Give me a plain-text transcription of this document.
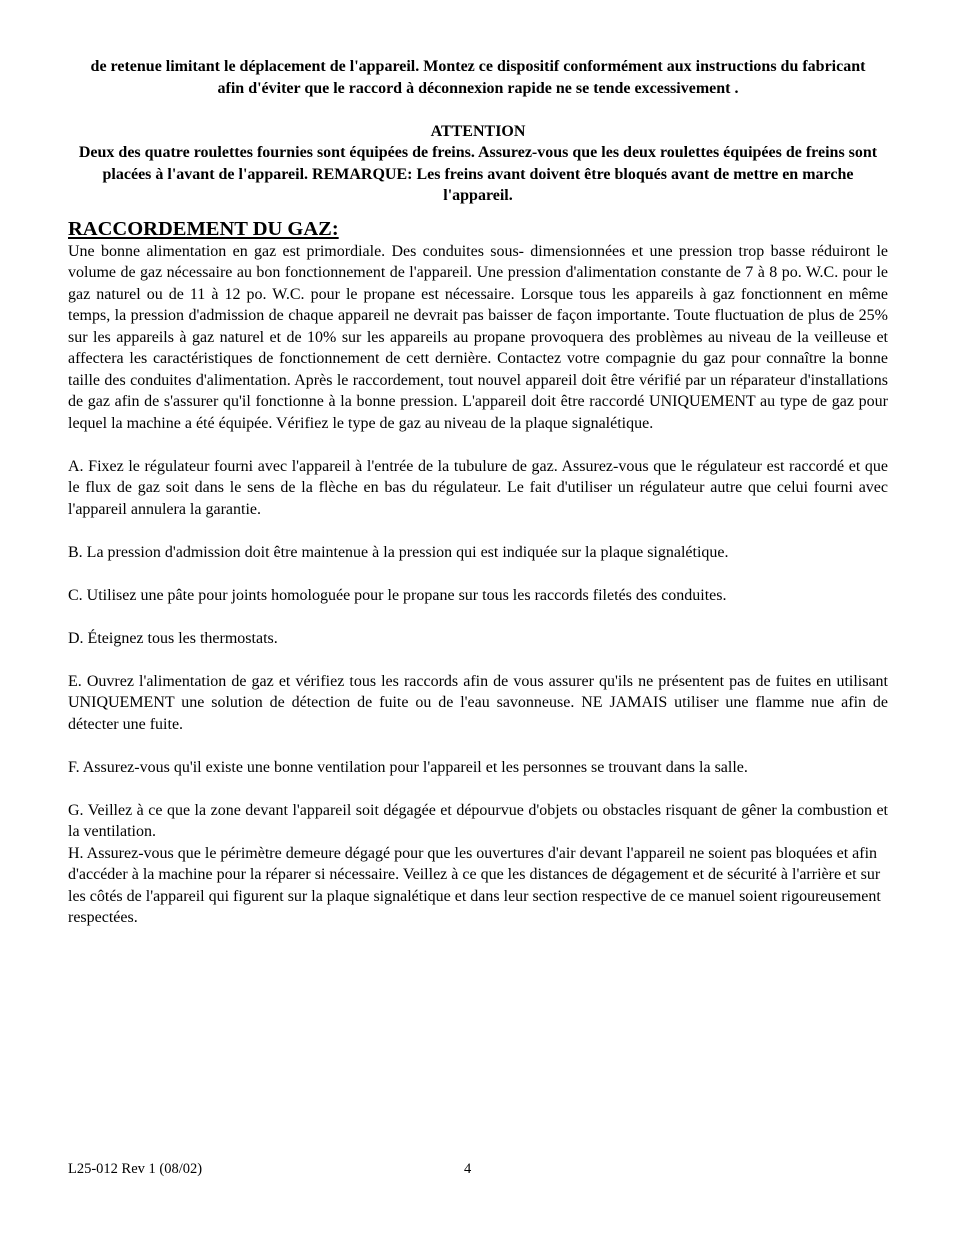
de retenue limitant le déplacement de l'appareil. Montez ce dispositif conformément aux instructions du fabricant

afin d'éviter que le raccord à déconnexion rapide ne se tende excessivement .

ATTENTION

Deux des quatre roulettes fournies sont équipées de freins. Assurez-vous que les deux roulettes équipées de freins sont placées à l'avant de l'appareil. REMARQUE: Les freins avant doivent être bloqués avant de mettre en marche l'appareil.

RACCORDEMENT DU GAZ:

Une bonne alimentation en gaz est primordiale. Des conduites sous- dimensionnées et une pression trop basse réduiront le volume de gaz nécessaire au bon fonctionnement de l'appareil. Une pression d'alimentation constante de 7 à 8 po. W.C. pour le gaz naturel ou de 11 à 12 po. W.C. pour le propane est nécessaire. Lorsque tous les appareils à gaz fonctionnent en même temps, la pression d'admission de chaque appareil ne devrait pas baisser de façon importante. Toute fluctuation de plus de 25% sur les appareils à gaz naturel et de 10% sur les appareils au propane provoquera des problèmes au niveau de la veilleuse et affectera les caractéristiques de fonctionnement de cett dernière. Contactez votre compagnie du gaz pour connaître la bonne taille des conduites d'alimentation. Après le raccordement, tout nouvel appareil doit être vérifié par un réparateur d'installations de gaz afin de s'assurer qu'il fonctionne à la bonne pression. L'appareil doit être raccordé UNIQUEMENT au type de gaz pour lequel la machine a été équipée. Vérifiez le type de gaz au niveau de la plaque signalétique.

A. Fixez le régulateur fourni avec l'appareil à l'entrée de la tubulure de gaz. Assurez-vous que le régulateur est raccordé et que le flux de gaz soit dans le sens de la flèche en bas du régulateur. Le fait d'utiliser un régulateur autre que celui fourni avec l'appareil annulera la garantie.

B. La pression d'admission doit être maintenue à la pression qui est indiquée sur la plaque signalétique.

C. Utilisez une pâte pour joints homologuée pour le propane sur tous les raccords filetés des conduites.

D. Éteignez tous les thermostats.

E. Ouvrez l'alimentation de gaz et vérifiez tous les raccords afin de vous assurer qu'ils ne présentent pas de fuites en utilisant UNIQUEMENT une solution de détection de fuite ou de l'eau savonneuse. NE JAMAIS utiliser une flamme nue afin de détecter une fuite.

F. Assurez-vous qu'il existe une bonne ventilation pour l'appareil et les personnes se trouvant dans la salle.

G. Veillez à ce que la zone devant l'appareil soit dégagée et dépourvue d'objets ou obstacles risquant de gêner la combustion et la ventilation.

H. Assurez-vous que le périmètre demeure dégagé pour que les ouvertures d'air devant l'appareil ne soient pas bloquées et afin d'accéder à la machine pour la réparer si nécessaire. Veillez à ce que les distances de dégagement et de sécurité à l'arrière et sur les côtés de l'appareil qui figurent sur la plaque signalétique et dans leur section respective de ce manuel soient rigoureusement respectées.

L25-012 Rev 1 (08/02)	4
